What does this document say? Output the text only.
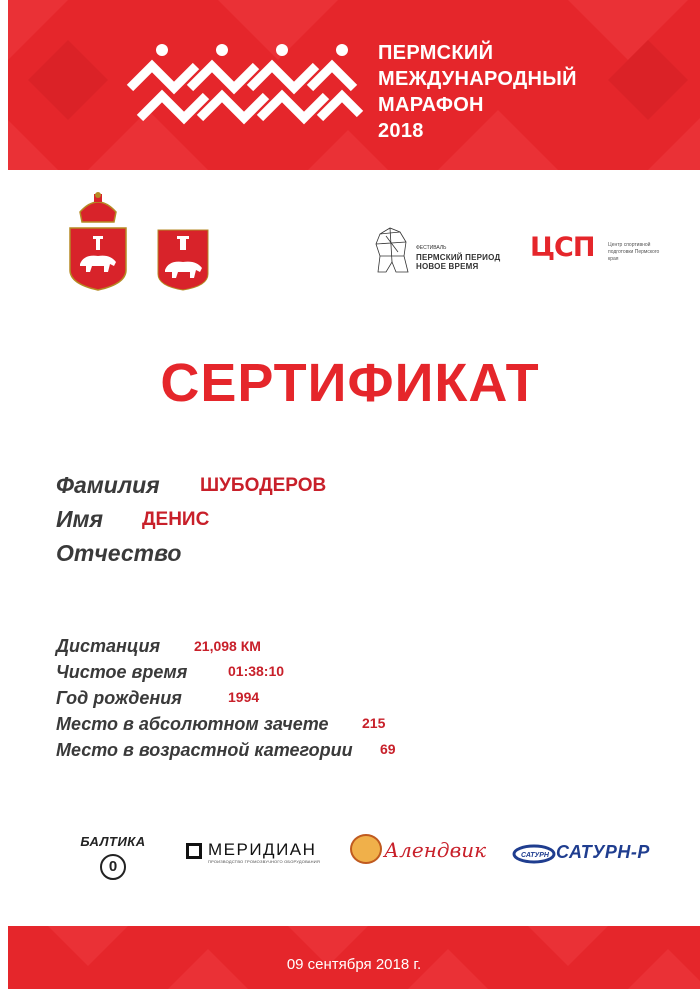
ПЕРМСКИЙ
МЕЖДУНАРОДНЫЙ
МАРАФОН
2018
ФЕСТИВАЛЬ
ПЕРМСКИЙ ПЕРИОД
НОВОЕ ВРЕМЯ
ЦСП	Центр спортивной подготовки Пермского края
СЕРТИФИКАТ
Фамилия ШУБОДЕРОВ
Имя ДЕНИС
Отчество
Дистанция 21,098 КМ
Чистое время	01:38:10
Год рождения	1994
Место в абсолютном зачете 215
Место в возрастной категории 69
БАЛТИКА
0
МЕРИДИАН
ПРОИЗВОДСТВО ГРОМОЗВУЧНОГО ОБОРУДОВАНИЯ	Алендвик	САТУРН САТУРН-Р
09 сентября 2018 г.
